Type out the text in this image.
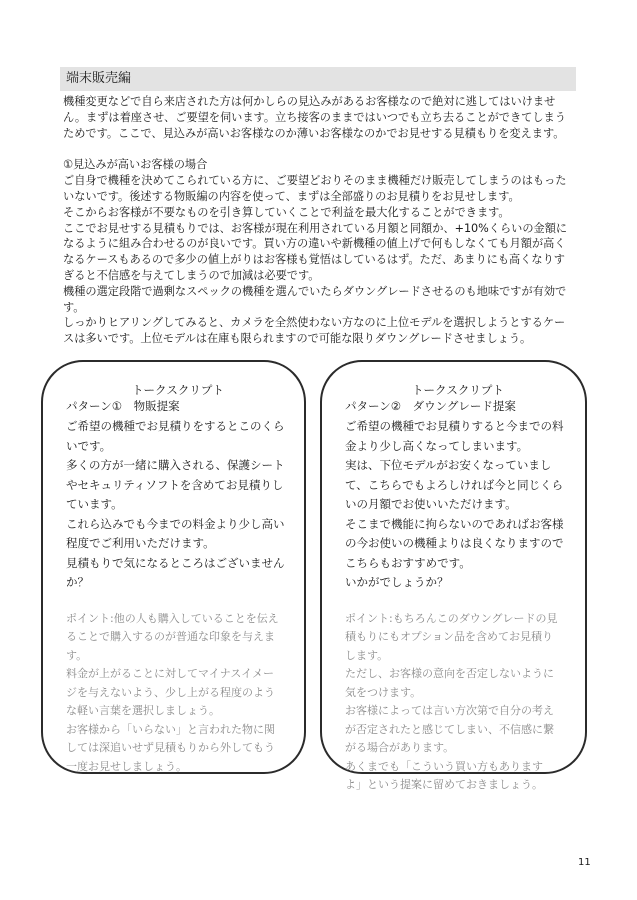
端末販売編

機種変更などで自ら来店された方は何かしらの見込みがあるお客様なので絶対に逃してはいけませ

ん。まずは着座させ、ご要望を伺います。立ち接客のままではいつでも立ち去ることができてしまう

ためです。ここで、見込みが高いお客様なのか薄いお客様なのかでお見せする見積もりを変えます。

①見込みが高いお客様の場合

ご自身で機種を決めてこられている方に、ご要望どおりそのまま機種だけ販売してしまうのはもった

いないです。後述する物販編の内容を使って、まずは全部盛りのお見積りをお見せします。

そこからお客様が不要なものを引き算していくことで利益を最大化することができます。

ここでお見せする見積もりでは、お客様が現在利用されている月額と同額か、+10%くらいの金額に

なるように組み合わせるのが良いです。買い方の違いや新機種の値上げで何もしなくても月額が高く

なるケースもあるので多少の値上がりはお客様も覚悟はしているはず。ただ、あまりにも高くなりす

ぎると不信感を与えてしまうので加減は必要です。

機種の選定段階で過剰なスペックの機種を選んでいたらダウングレードさせるのも地味ですが有効で

す。

しっかりヒアリングしてみると、カメラを全然使わない方なのに上位モデルを選択しようとするケー

スは多いです。上位モデルは在庫も限られますので可能な限りダウングレードさせましょう。

トークスクリプト
パターン①　物販提案

ご希望の機種でお見積りをするとこのくら

いです。

多くの方が一緒に購入される、保護シート

やセキュリティソフトを含めてお見積りし

ています。

これら込みでも今までの料金より少し高い

程度でご利用いただけます。

見積もりで気になるところはございません

か？

ポイント:他の人も購入していることを伝え

ることで購入するのが普通な印象を与えま

す。

料金が上がることに対してマイナスイメー

ジを与えないよう、少し上がる程度のよう

な軽い言葉を選択しましょう。

お客様から「いらない」と言われた物に関

しては深追いせず見積もりから外してもう

一度お見せしましょう。

トークスクリプト
パターン②　ダウングレード提案

ご希望の機種でお見積りすると今までの料

金より少し高くなってしまいます。

実は、下位モデルがお安くなっていまし

て、こちらでもよろしければ今と同じくら

いの月額でお使いいただけます。

そこまで機能に拘らないのであればお客様

の今お使いの機種よりは良くなりますので

こちらもおすすめです。

いかがでしょうか？

ポイント:もちろんこのダウングレードの見

積もりにもオプション品を含めてお見積り

します。

ただし、お客様の意向を否定しないように

気をつけます。

お客様によっては言い方次第で自分の考え

が否定されたと感じてしまい、不信感に繋

がる場合があります。

あくまでも「こういう買い方もあります

よ」という提案に留めておきましょう。

11
